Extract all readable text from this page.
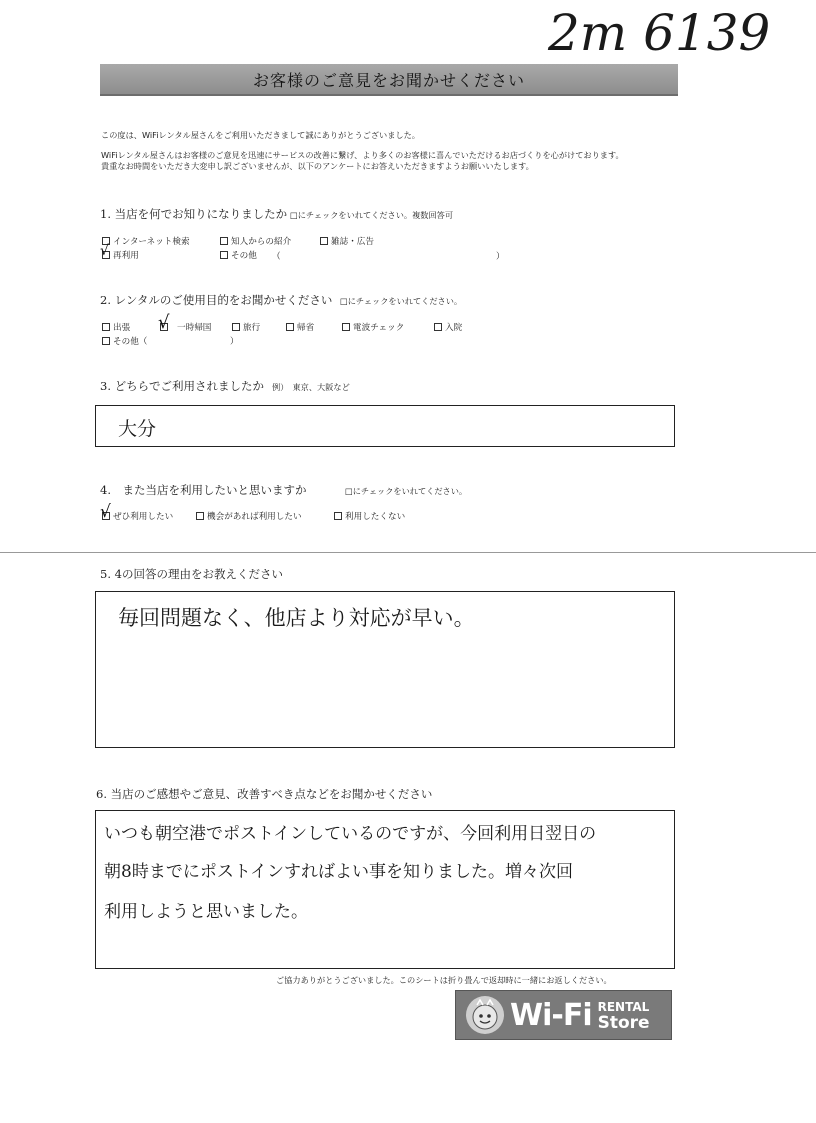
2m 6139
お客様のご意見をお聞かせください
この度は、WiFiレンタル屋さんをご利用いただきまして誠にありがとうございました。
WiFiレンタル屋さんはお客様のご意見を迅速にサービスの改善に繋げ、より多くのお客様に喜んでいただけるお店づくりを心がけております。
貴重なお時間をいただき大変申し訳ございませんが、以下のアンケートにお答えいただきますようお願いいたします。
1. 当店を何でお知りになりましたか □にチェックをいれてください。複数回答可
インターネット検索	知人からの紹介	雑誌・広告
再利用
√	その他 （	）
2. レンタルのご使用目的をお聞かせください □にチェックをいれてください。
出張	一時帰国
√	旅行	帰省	電波チェック	入院
その他（	）
3. どちらでご利用されましたか 例）　東京、大阪など
大分
4.　また当店を利用したいと思いますか	□にチェックをいれてください。
ぜひ利用したい
√	機会があれば利用したい	利用したくない
5. 4の回答の理由をお教えください
毎回問題なく、他店より対応が早い。
6. 当店のご感想やご意見、改善すべき点などをお聞かせください
いつも朝空港でポストインしているのですが、今回利用日翌日の
朝8時までにポストインすればよい事を知りました。増々次回
利用しようと思いました。
ご協力ありがとうございました。このシートは折り畳んで返却時に一緒にお返しください。
Wi-Fi RENTAL
Store
